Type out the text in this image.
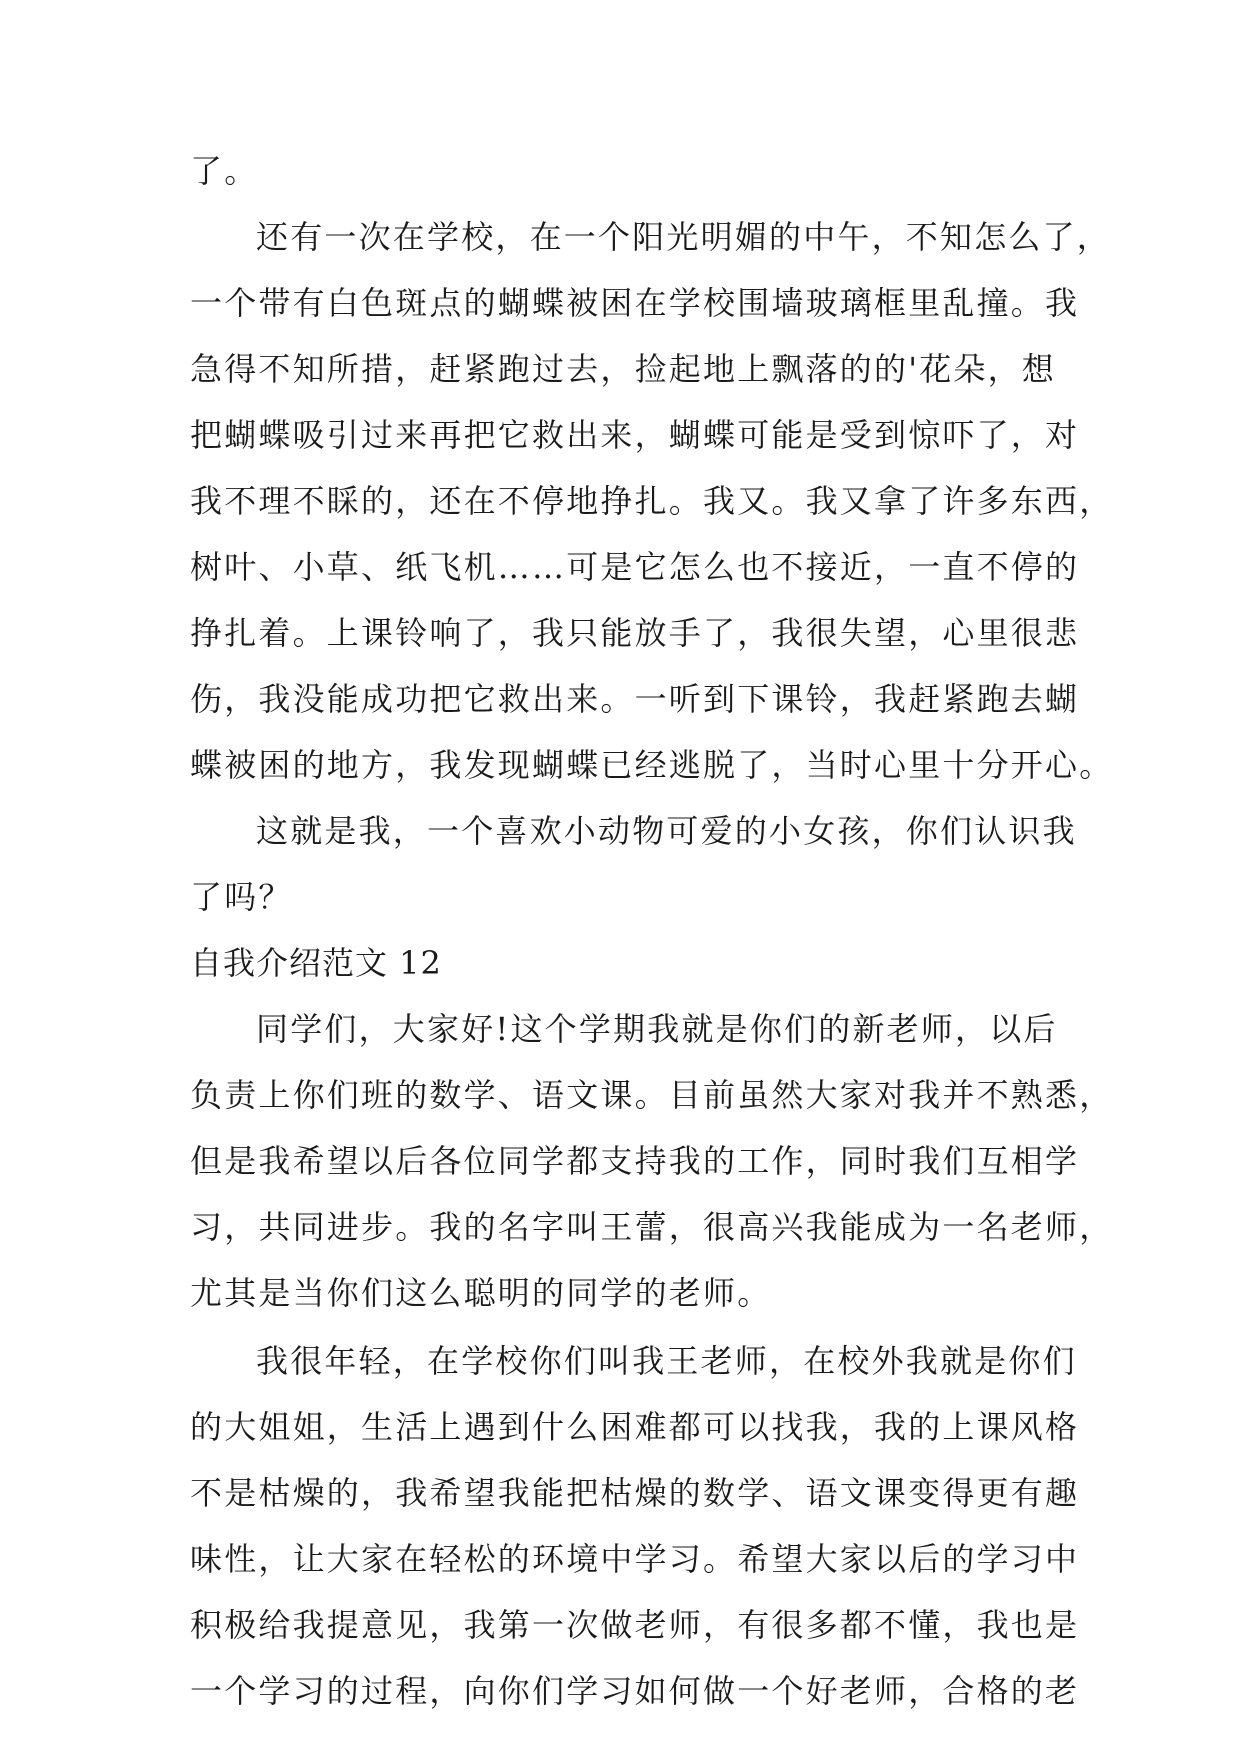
了。
还有一次在学校，在一个阳光明媚的中午，不知怎么了，
一个带有白色斑点的蝴蝶被困在学校围墙玻璃框里乱撞。我
急得不知所措，赶紧跑过去，捡起地上飘落的的'花朵，想
把蝴蝶吸引过来再把它救出来，蝴蝶可能是受到惊吓了，对
我不理不睬的，还在不停地挣扎。我又。我又拿了许多东西，
树叶、小草、纸飞机……可是它怎么也不接近，一直不停的
挣扎着。上课铃响了，我只能放手了，我很失望，心里很悲
伤，我没能成功把它救出来。一听到下课铃，我赶紧跑去蝴
蝶被困的地方，我发现蝴蝶已经逃脱了，当时心里十分开心。
这就是我，一个喜欢小动物可爱的小女孩，你们认识我
了吗？
自我介绍范文 12
同学们，大家好!这个学期我就是你们的新老师，以后
负责上你们班的数学、语文课。目前虽然大家对我并不熟悉，
但是我希望以后各位同学都支持我的工作，同时我们互相学
习，共同进步。我的名字叫王蕾，很高兴我能成为一名老师，
尤其是当你们这么聪明的同学的老师。
我很年轻，在学校你们叫我王老师，在校外我就是你们
的大姐姐，生活上遇到什么困难都可以找我，我的上课风格
不是枯燥的，我希望我能把枯燥的数学、语文课变得更有趣
味性，让大家在轻松的环境中学习。希望大家以后的学习中
积极给我提意见，我第一次做老师，有很多都不懂，我也是
一个学习的过程，向你们学习如何做一个好老师，合格的老
